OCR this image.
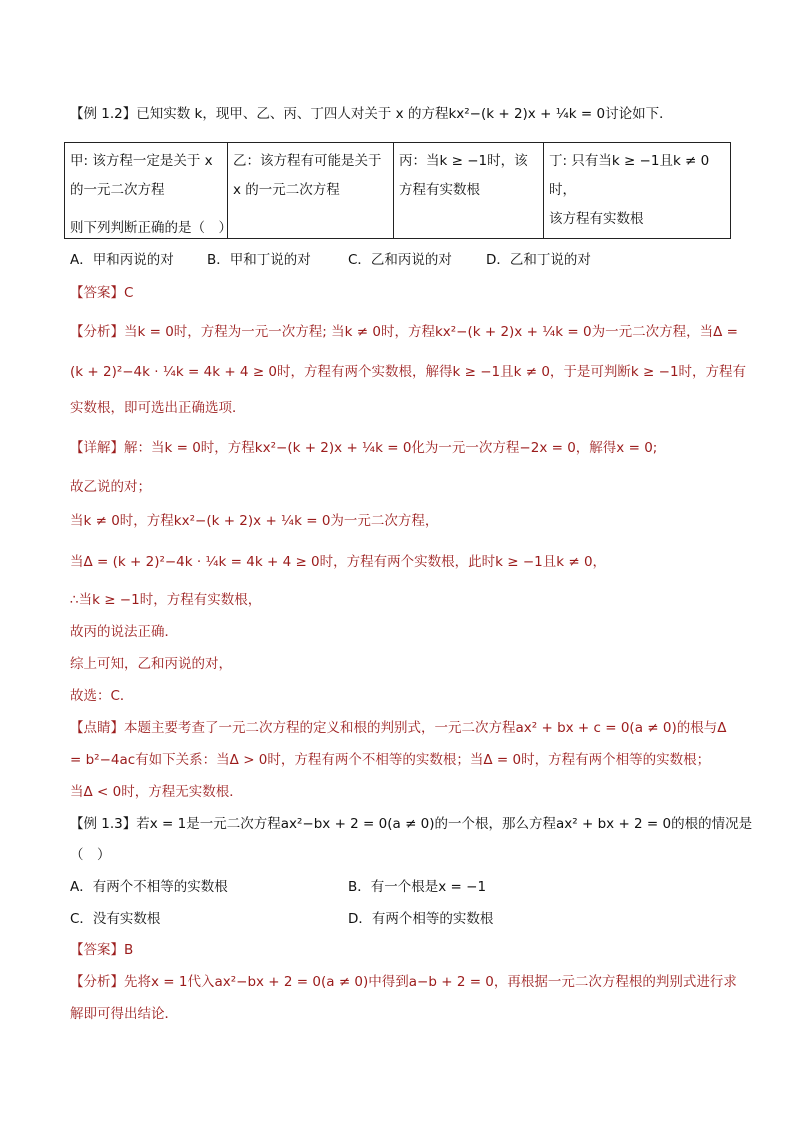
【例 1.2】已知实数 k，现甲、乙、丙、丁四人对关于 x 的方程kx²−(k + 2)x + ¼k = 0讨论如下．
甲: 该方程一定是关于 x
的一元二次方程

乙：该方程有可能是关于
x 的一元二次方程

丙：当k ≥ −1时，该
方程有实数根

丁: 只有当k ≥ −1且k ≠ 0时，
该方程有实数根
则下列判断正确的是（　）
A．甲和丙说的对 B．甲和丁说的对	C．乙和丙说的对	D．乙和丁说的对
【答案】C
【分析】当k = 0时，方程为一元一次方程; 当k ≠ 0时，方程kx²−(k + 2)x + ¼k = 0为一元二次方程，当Δ =
(k + 2)²−4k · ¼k = 4k + 4 ≥ 0时，方程有两个实数根，解得k ≥ −1且k ≠ 0，于是可判断k ≥ −1时，方程有
实数根，即可选出正确选项．
【详解】解：当k = 0时，方程kx²−(k + 2)x + ¼k = 0化为一元一次方程−2x = 0，解得x = 0;
故乙说的对；
当k ≠ 0时，方程kx²−(k + 2)x + ¼k = 0为一元二次方程，
当Δ = (k + 2)²−4k · ¼k = 4k + 4 ≥ 0时，方程有两个实数根，此时k ≥ −1且k ≠ 0，
∴当k ≥ −1时，方程有实数根，
故丙的说法正确．
综上可知，乙和丙说的对，
故选：C．
【点睛】本题主要考查了一元二次方程的定义和根的判别式，一元二次方程ax² + bx + c = 0(a ≠ 0)的根与Δ
= b²−4ac有如下关系：当Δ > 0时，方程有两个不相等的实数根；当Δ = 0时，方程有两个相等的实数根；
当Δ < 0时，方程无实数根．
【例 1.3】若x = 1是一元二次方程ax²−bx + 2 = 0(a ≠ 0)的一个根，那么方程ax² + bx + 2 = 0的根的情况是
（　）
A．有两个不相等的实数根	B．有一个根是x = −1
C．没有实数根	D．有两个相等的实数根
【答案】B
【分析】先将x = 1代入ax²−bx + 2 = 0(a ≠ 0)中得到a−b + 2 = 0，再根据一元二次方程根的判别式进行求
解即可得出结论．
